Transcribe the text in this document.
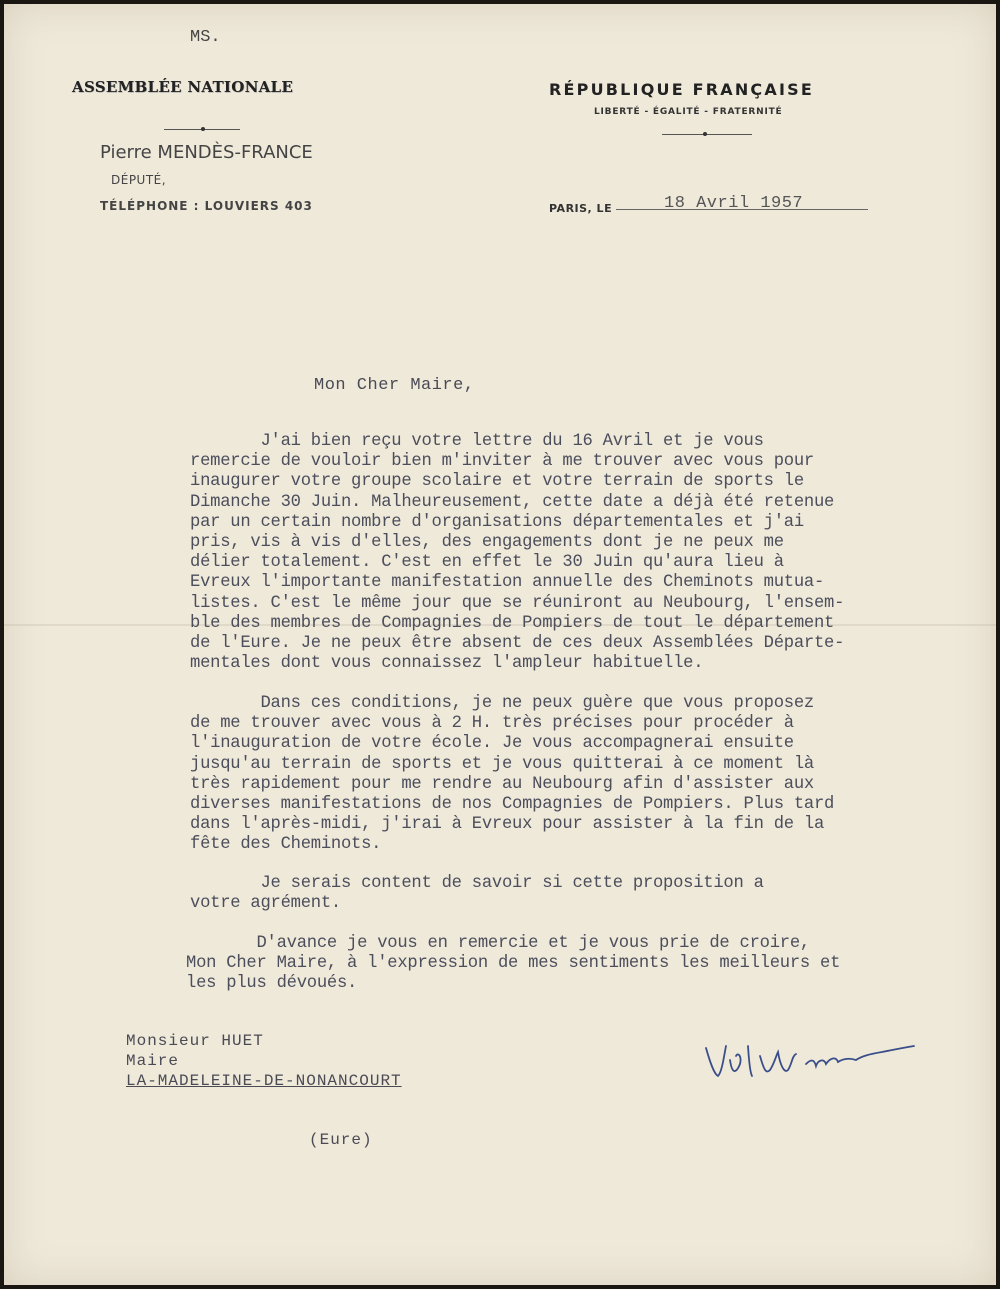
MS.
ASSEMBLÉE NATIONALE
Pierre MENDÈS-FRANCE
DÉPUTÉ,
TÉLÉPHONE : LOUVIERS 403
RÉPUBLIQUE FRANÇAISE
LIBERTÉ - ÉGALITÉ - FRATERNITÉ
PARIS, LE	18 Avril 1957
Mon Cher Maire,
J'ai bien reçu votre lettre du 16 Avril et je vous
remercie de vouloir bien m'inviter à me trouver avec vous pour
inaugurer votre groupe scolaire et votre terrain de sports le
Dimanche 30 Juin. Malheureusement, cette date a déjà été retenue
par un certain nombre d'organisations départementales et j'ai
pris, vis à vis d'elles, des engagements dont je ne peux me
délier totalement. C'est en effet le 30 Juin qu'aura lieu à
Evreux l'importante manifestation annuelle des Cheminots mutua-
listes. C'est le même jour que se réuniront au Neubourg, l'ensem-
ble des membres de Compagnies de Pompiers de tout le département
de l'Eure. Je ne peux être absent de ces deux Assemblées Départe-
mentales dont vous connaissez l'ampleur habituelle.
Dans ces conditions, je ne peux guère que vous proposez
de me trouver avec vous à 2 H. très précises pour procéder à
l'inauguration de votre école. Je vous accompagnerai ensuite
jusqu'au terrain de sports et je vous quitterai à ce moment là
très rapidement pour me rendre au Neubourg afin d'assister aux
diverses manifestations de nos Compagnies de Pompiers. Plus tard
dans l'après-midi, j'irai à Evreux pour assister à la fin de la
fête des Cheminots.
Je serais content de savoir si cette proposition a
votre agrément.
D'avance je vous en remercie et je vous prie de croire,
Mon Cher Maire, à l'expression de mes sentiments les meilleurs et
les plus dévoués.
Monsieur HUET
Maire
LA-MADELEINE-DE-NONANCOURT
(Eure)
